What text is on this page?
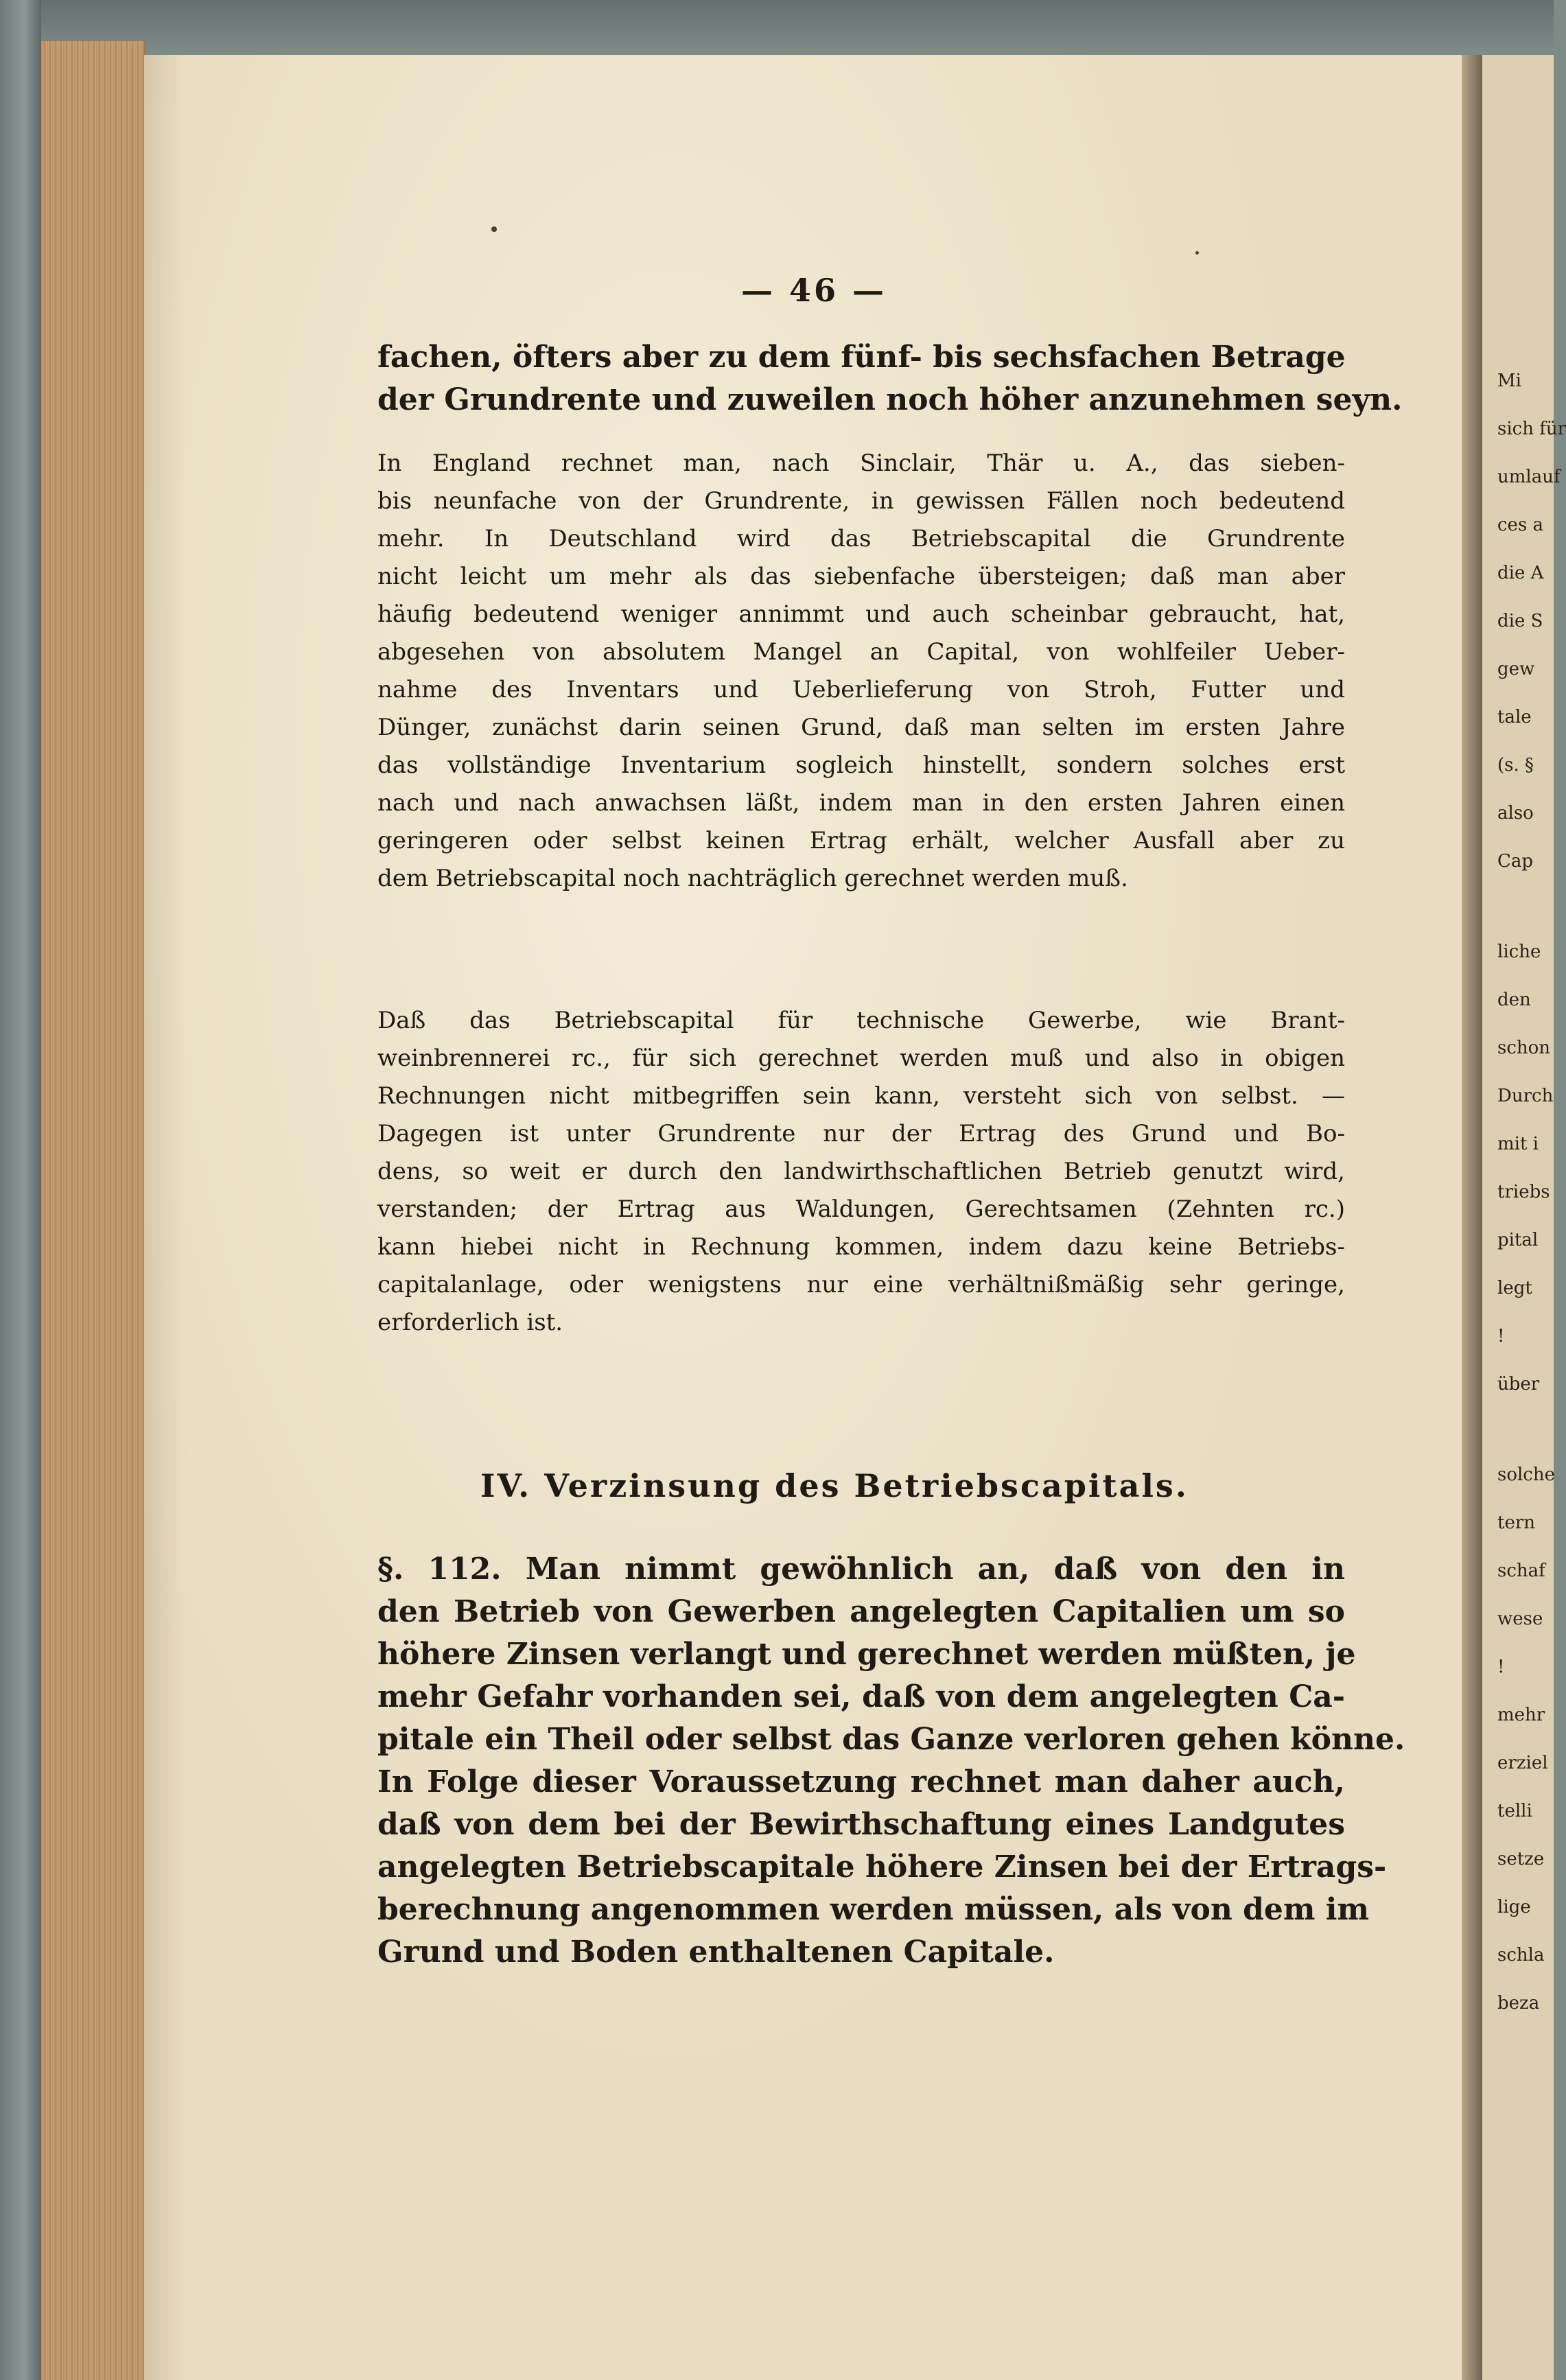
Mi
sich für
umlauf
ces a
die A
die S
gew
tale
(s. §
also
Cap
liche
den
schon
Durch
mit i
triebs
pital
legt
!
über
solche
tern
schaf
wese
!
mehr
erziel
telli
setze
lige
schla
beza
— 46 —
fachen, öfters aber zu dem fünf- bis sechsfachen Betrage
der Grundrente und zuweilen noch höher anzunehmen seyn.
In England rechnet man, nach Sinclair, Thär u. A., das sieben-
bis neunfache von der Grundrente, in gewissen Fällen noch bedeutend
mehr. In Deutschland wird das Betriebscapital die Grundrente
nicht leicht um mehr als das siebenfache übersteigen; daß man aber
häufig bedeutend weniger annimmt und auch scheinbar gebraucht, hat,
abgesehen von absolutem Mangel an Capital, von wohlfeiler Ueber-
nahme des Inventars und Ueberlieferung von Stroh, Futter und
Dünger, zunächst darin seinen Grund, daß man selten im ersten Jahre
das vollständige Inventarium sogleich hinstellt, sondern solches erst
nach und nach anwachsen läßt, indem man in den ersten Jahren einen
geringeren oder selbst keinen Ertrag erhält, welcher Ausfall aber zu
dem Betriebscapital noch nachträglich gerechnet werden muß.
Daß das Betriebscapital für technische Gewerbe, wie Brant-
weinbrennerei rc., für sich gerechnet werden muß und also in obigen
Rechnungen nicht mitbegriffen sein kann, versteht sich von selbst. —
Dagegen ist unter Grundrente nur der Ertrag des Grund und Bo-
dens, so weit er durch den landwirthschaftlichen Betrieb genutzt wird,
verstanden; der Ertrag aus Waldungen, Gerechtsamen (Zehnten rc.)
kann hiebei nicht in Rechnung kommen, indem dazu keine Betriebs-
capitalanlage, oder wenigstens nur eine verhältnißmäßig sehr geringe,
erforderlich ist.
IV. Verzinsung des Betriebscapitals.
§. 112. Man nimmt gewöhnlich an, daß von den in
den Betrieb von Gewerben angelegten Capitalien um so
höhere Zinsen verlangt und gerechnet werden müßten, je
mehr Gefahr vorhanden sei, daß von dem angelegten Ca-
pitale ein Theil oder selbst das Ganze verloren gehen könne.
In Folge dieser Voraussetzung rechnet man daher auch,
daß von dem bei der Bewirthschaftung eines Landgutes
angelegten Betriebscapitale höhere Zinsen bei der Ertrags-
berechnung angenommen werden müssen, als von dem im
Grund und Boden enthaltenen Capitale.
